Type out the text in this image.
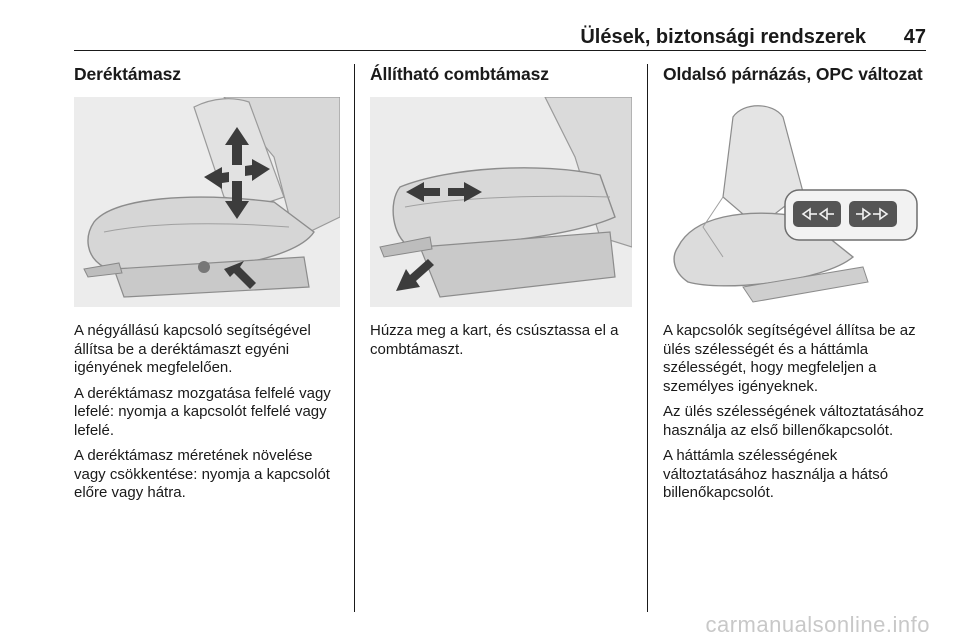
Ülések, biztonsági rendszerek 47
Deréktámasz

A négyállású kapcsoló segítségével állítsa be a deréktámaszt egyéni igényének megfelelően.

A deréktámasz mozgatása felfelé vagy lefelé: nyomja a kapcsolót felfelé vagy lefelé.

A deréktámasz méretének növelése vagy csökkentése: nyomja a kapcsolót előre vagy hátra.

Állítható combtámasz

Húzza meg a kart, és csúsztassa el a combtámaszt.

Oldalsó párnázás, OPC változat

A kapcsolók segítségével állítsa be az ülés szélességét és a háttámla szélességét, hogy megfeleljen a személyes igényeknek.

Az ülés szélességének változtatásához használja az első billenőkapcsolót.

A háttámla szélességének változtatásához használja a hátsó billenőkapcsolót.

carmanualsonline.info
